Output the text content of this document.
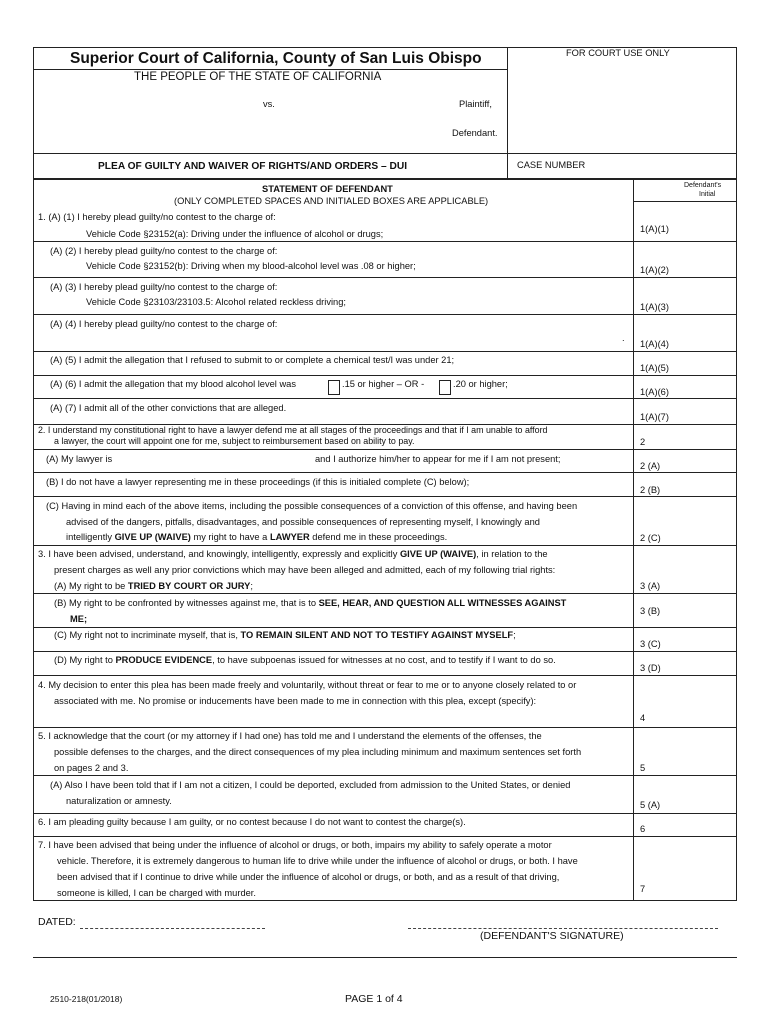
Superior Court of California, County of San Luis Obispo	FOR COURT USE ONLY
THE PEOPLE OF THE STATE OF CALIFORNIA
vs.	Plaintiff,
Defendant.
PLEA OF GUILTY AND WAIVER OF RIGHTS/AND ORDERS – DUI	CASE NUMBER
STATEMENT OF DEFENDANT
(ONLY COMPLETED SPACES AND INITIALED BOXES ARE APPLICABLE)
Defendant's
Initial
1. (A) (1) I hereby plead guilty/no contest to the charge of:
Vehicle Code §23152(a): Driving under the influence of alcohol or drugs;	1(A)(1)
(A) (2) I hereby plead guilty/no contest to the charge of:
Vehicle Code §23152(b): Driving when my blood-alcohol level was .08 or higher;	1(A)(2)
(A) (3) I hereby plead guilty/no contest to the charge of:
Vehicle Code §23103/23103.5: Alcohol related reckless driving;	1(A)(3)
(A) (4) I hereby plead guilty/no contest to the charge of:
.
1(A)(4)
(A) (5) I admit the allegation that I refused to submit to or complete a chemical test/I was under 21;
1(A)(5)
(A) (6) I admit the allegation that my blood alcohol level was	.15 or higher – OR -	.20 or higher;
1(A)(6)
(A) (7) I admit all of the other convictions that are alleged.
1(A)(7)
2. I understand my constitutional right to have a lawyer defend me at all stages of the proceedings and that if I am unable to afford
a lawyer, the court will appoint one for me, subject to reimbursement based on ability to pay.	2
(A) My lawyer is	and I authorize him/her to appear for me if I am not present;
2 (A)
(B) I do not have a lawyer representing me in these proceedings (if this is initialed complete (C) below);
2 (B)
(C) Having in mind each of the above items, including the possible consequences of a conviction of this offense, and having been
advised of the dangers, pitfalls, disadvantages, and possible consequences of representing myself, I knowingly and
intelligently GIVE UP (WAIVE) my right to have a LAWYER defend me in these proceedings.	2 (C)
3. I have been advised, understand, and knowingly, intelligently, expressly and explicitly GIVE UP (WAIVE), in relation to the
present charges as well any prior convictions which may have been alleged and admitted, each of my following trial rights:
(A) My right to be TRIED BY COURT OR JURY;	3 (A)
(B) My right to be confronted by witnesses against me, that is to SEE, HEAR, AND QUESTION ALL WITNESSES AGAINST
ME;
3 (B)
(C) My right not to incriminate myself, that is, TO REMAIN SILENT AND NOT TO TESTIFY AGAINST MYSELF;
3 (C)
(D) My right to PRODUCE EVIDENCE, to have subpoenas issued for witnesses at no cost, and to testify if I want to do so.
3 (D)
4. My decision to enter this plea has been made freely and voluntarily, without threat or fear to me or to anyone closely related to or
associated with me. No promise or inducements have been made to me in connection with this plea, except (specify):
4
5. I acknowledge that the court (or my attorney if I had one) has told me and I understand the elements of the offenses, the
possible defenses to the charges, and the direct consequences of my plea including minimum and maximum sentences set forth
on pages 2 and 3.	5
(A) Also I have been told that if I am not a citizen, I could be deported, excluded from admission to the United States, or denied
naturalization or amnesty.	5 (A)
6. I am pleading guilty because I am guilty, or no contest because I do not want to contest the charge(s).
6
7. I have been advised that being under the influence of alcohol or drugs, or both, impairs my ability to safely operate a motor
vehicle. Therefore, it is extremely dangerous to human life to drive while under the influence of alcohol or drugs, or both. I have
been advised that if I continue to drive while under the influence of alcohol or drugs, or both, and as a result of that driving,
someone is killed, I can be charged with murder.	7
DATED:
(DEFENDANT'S SIGNATURE)
2510-218(01/2018)	PAGE 1 of 4
